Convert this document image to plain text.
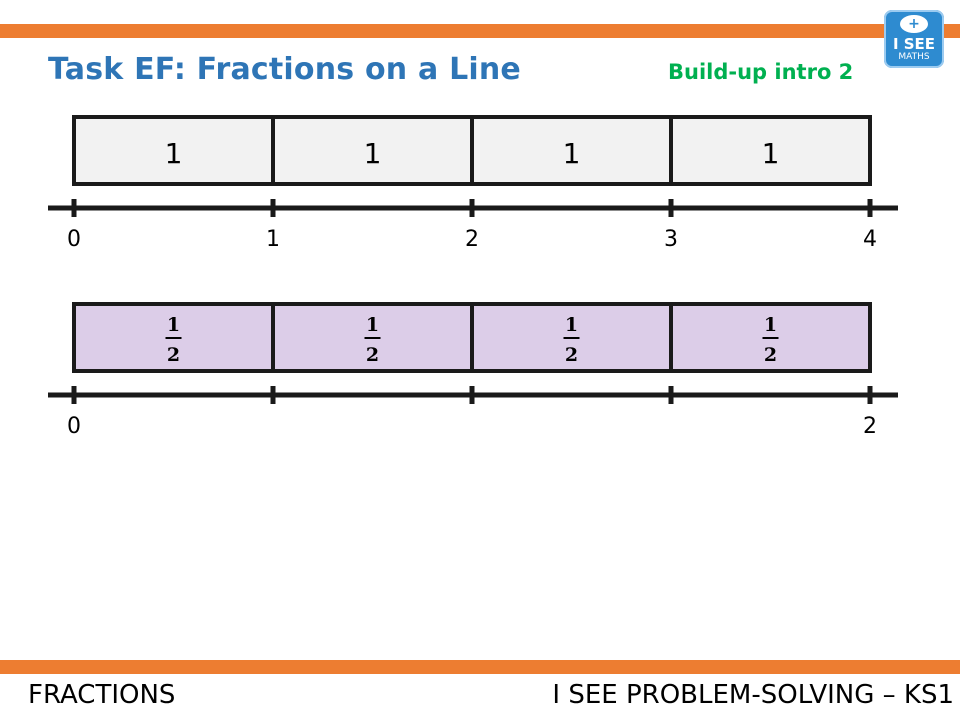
Task EF: Fractions on a Line	Build-up intro 2
+
I SEE
MATHS
1	1	1	1
0	1	2	3	4
1
2
1
2
1
2
1
2
0	2
FRACTIONS	I SEE PROBLEM-SOLVING – KS1
